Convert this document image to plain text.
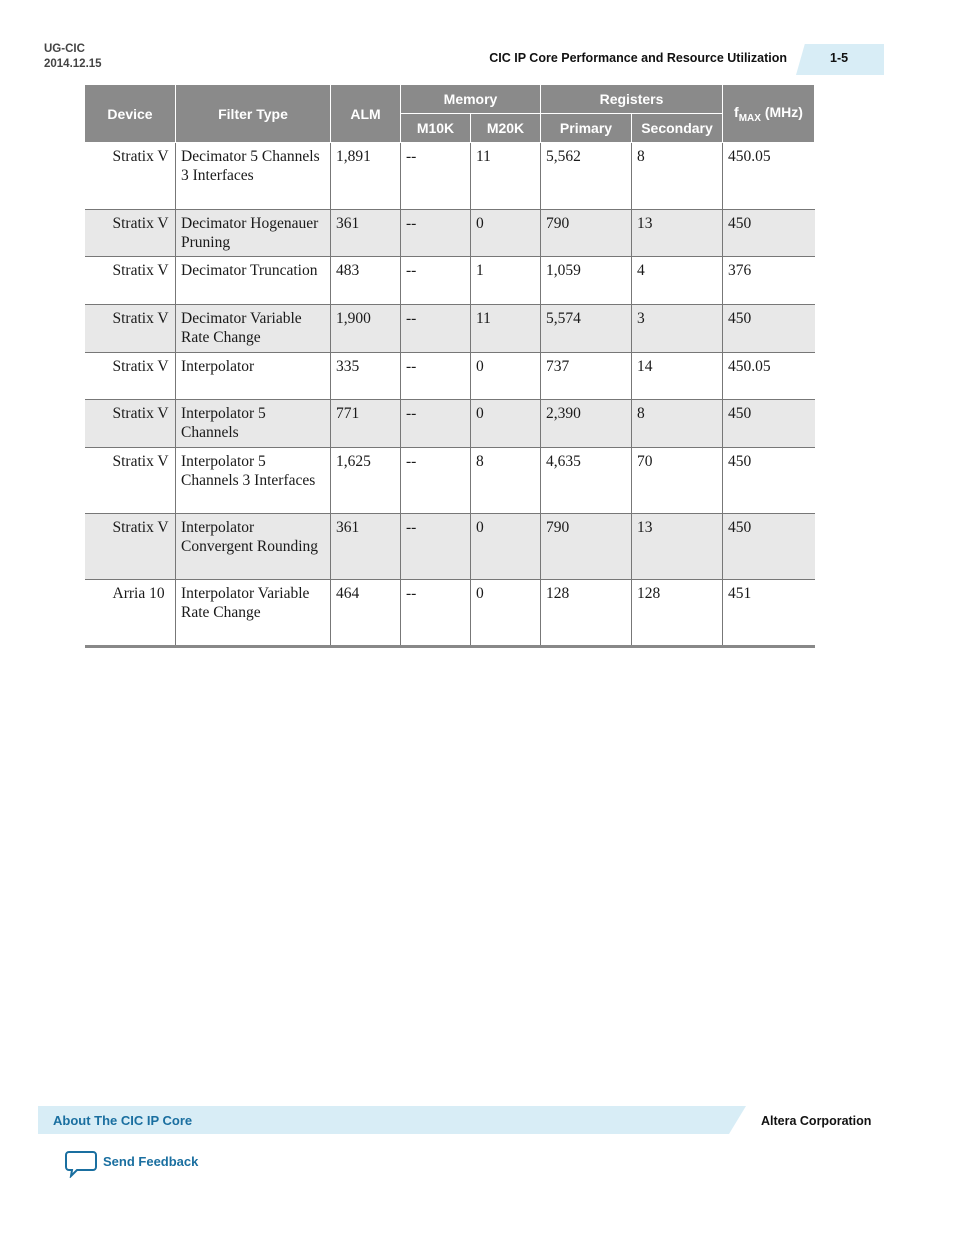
UG-CIC
2014.12.15	CIC IP Core Performance and Resource Utilization	1-5
Device	Filter Type	ALM	Memory		Registers		$f_{MAX}$ (MHz)
			M10K	M20K	Primary	Secondary	
Stratix V	Decimator 5 Channels 3 Interfaces	1,891	--	11	5,562	8	450.05
Stratix V	Decimator Hogenauer Pruning	361	--	0	790	13	450
Stratix V	Decimator Truncation	483	--	1	1,059	4	376
Stratix V	Decimator Variable Rate Change	1,900	--	11	5,574	3	450
Stratix V	Interpolator	335	--	0	737	14	450.05
Stratix V	Interpolator 5 Channels	771	--	0	2,390	8	450
Stratix V	Interpolator 5 Channels 3 Interfaces	1,625	--	8	4,635	70	450
Stratix V	Interpolator Convergent Rounding	361	--	0	790	13	450
Arria 10	Interpolator Variable Rate Change	464	--	0	128	128	451
About The CIC IP Core	Altera Corporation
Send Feedback
